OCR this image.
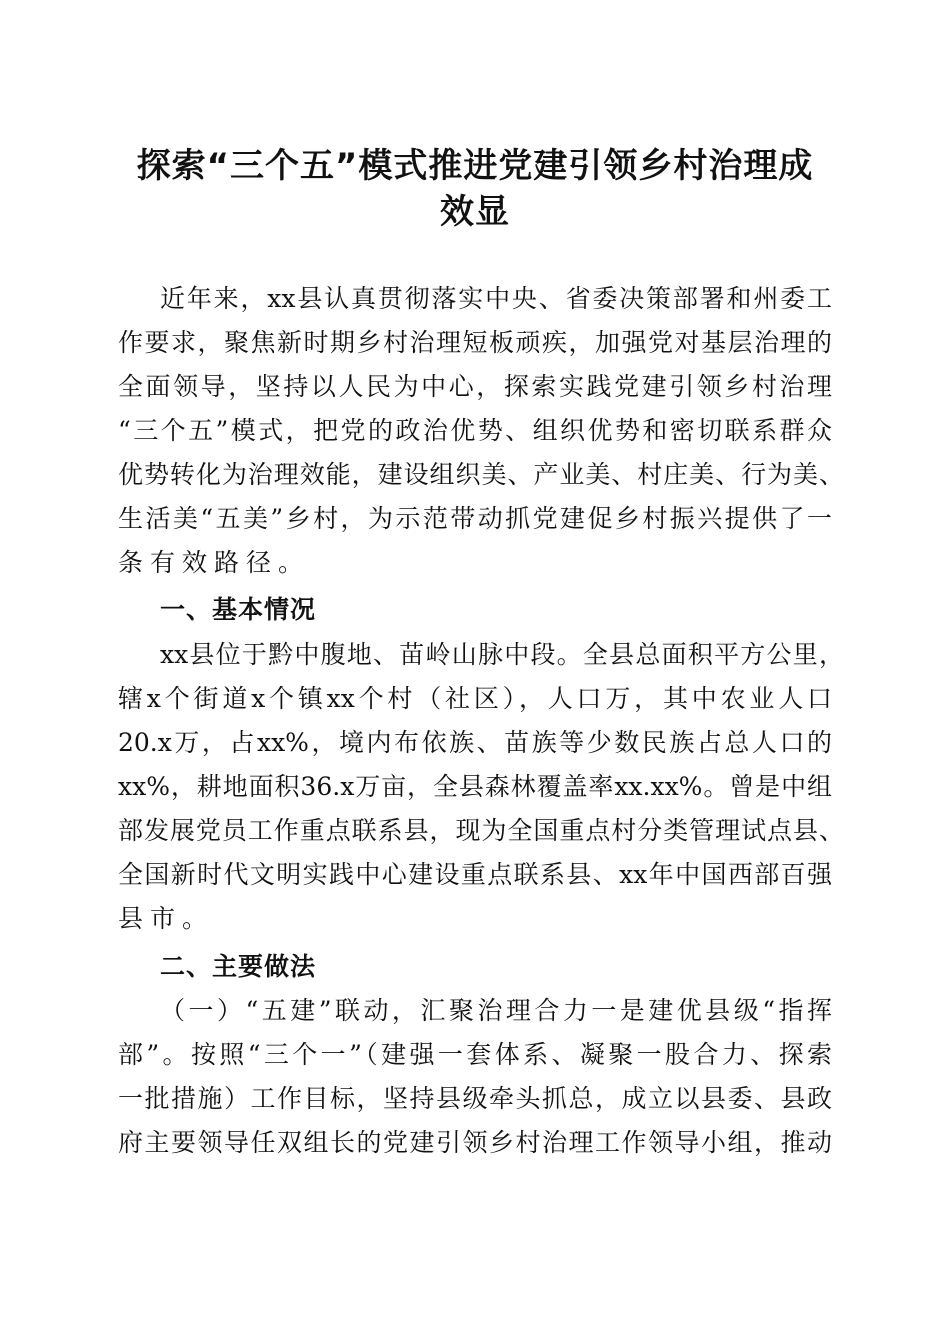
探索“三个五”模式推进党建引领乡村治理成
效显
近年来，xx县认真贯彻落实中央、省委决策部署和州委工
作要求，聚焦新时期乡村治理短板顽疾，加强党对基层治理的
全面领导，坚持以人民为中心，探索实践党建引领乡村治理
“三个五”模式，把党的政治优势、组织优势和密切联系群众
优势转化为治理效能，建设组织美、产业美、村庄美、行为美、
生活美“五美”乡村，为示范带动抓党建促乡村振兴提供了一
条有效路径。
一、基本情况
xx县位于黔中腹地、苗岭山脉中段。全县总面积平方公里，
辖x个街道x个镇xx个村（社区），人口万，其中农业人口
20.x万，占xx%，境内布依族、苗族等少数民族占总人口的
xx%，耕地面积36.x万亩，全县森林覆盖率xx.xx%。曾是中组
部发展党员工作重点联系县，现为全国重点村分类管理试点县、
全国新时代文明实践中心建设重点联系县、xx年中国西部百强
县市。
二、主要做法
（一）“五建”联动，汇聚治理合力一是建优县级“指挥
部”。按照“三个一”（建强一套体系、凝聚一股合力、探索
一批措施）工作目标，坚持县级牵头抓总，成立以县委、县政
府主要领导任双组长的党建引领乡村治理工作领导小组，推动
